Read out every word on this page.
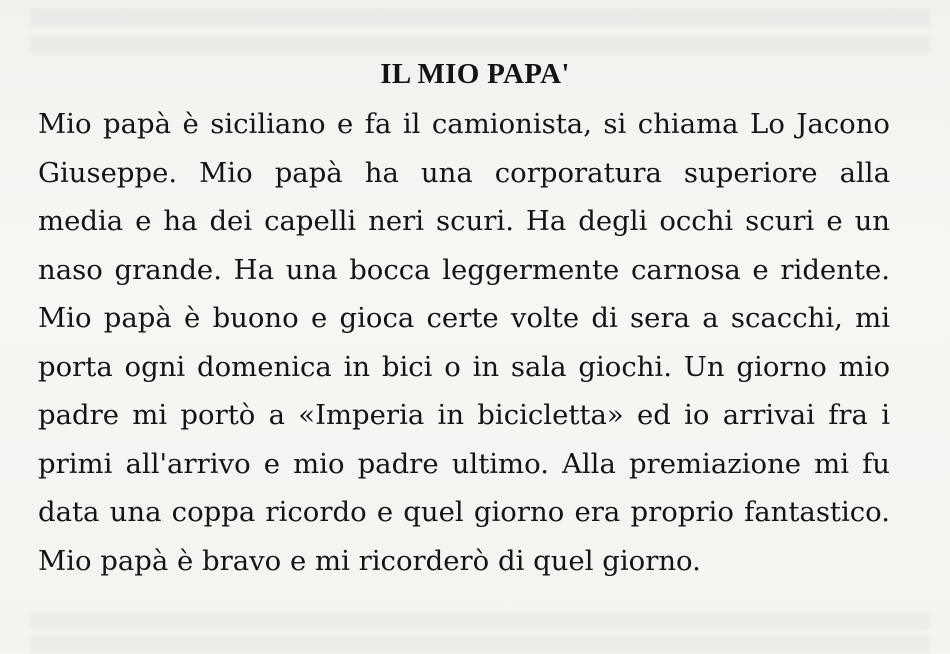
IL MIO PAPA'
Mio papà è siciliano e fa il camionista, si chiama Lo Jacono
Giuseppe. Mio papà ha una corporatura superiore alla
media e ha dei capelli neri scuri. Ha degli occhi scuri e un
naso grande. Ha una bocca leggermente carnosa e ridente.
Mio papà è buono e gioca certe volte di sera a scacchi, mi
porta ogni domenica in bici o in sala giochi. Un giorno mio
padre mi portò a «Imperia in bicicletta» ed io arrivai fra i
primi all'arrivo e mio padre ultimo. Alla premiazione mi fu
data una coppa ricordo e quel giorno era proprio fantastico.
Mio papà è bravo e mi ricorderò di quel giorno.
